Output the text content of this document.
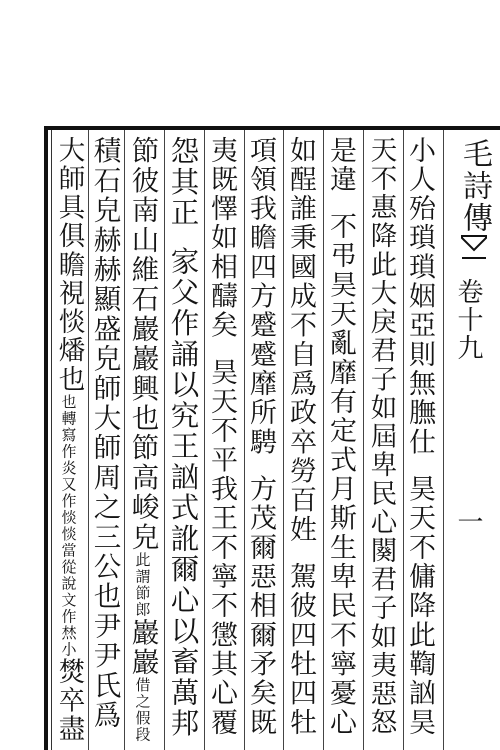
毛詩傳
卷十九
一
小人殆瑣瑣姻亞則無膴仕昊天不傭降此鞫訩昊
天不惠降此大戾君子如屆卑民心闋君子如夷惡怒
是違不弔昊天亂靡有定式月斯生卑民不寧憂心
如酲誰秉國成不自爲政卒勞百姓駕彼四牡四牡
項領我瞻四方蹙蹙靡所騁方茂爾惡相爾矛矣既
夷既懌如相醻矣昊天不平我王不寧不懲其心覆
怨其正家父作誦以究王訩式訛爾心以畜萬邦
節彼南山維石巖巖興也節高峻皃此謂節郎巖巖借之假段
積石皃赫赫顯盛皃師大師周之三公也尹尹氏爲
大師具俱瞻視惔燔也也轉寫作炎又作惔惔當從說文作㷊小燓卒盡
